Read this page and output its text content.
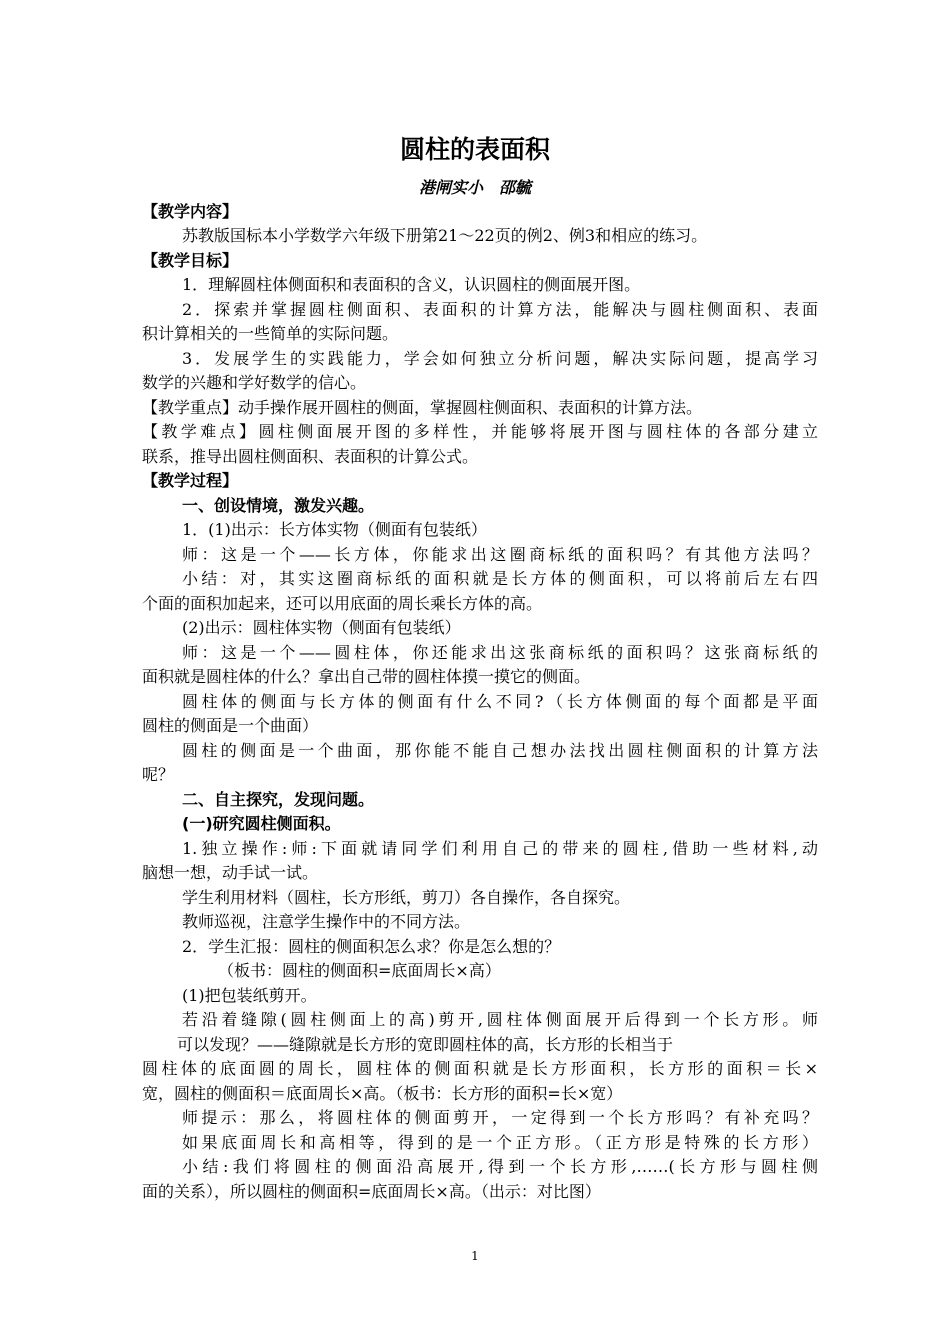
圆柱的表面积
港闸实小 邵毓
【教学内容】
苏教版国标本小学数学六年级下册第21～22页的例2、例3和相应的练习。
【教学目标】
1．理解圆柱体侧面积和表面积的含义，认识圆柱的侧面展开图。
2．探索并掌握圆柱侧面积、表面积的计算方法，能解决与圆柱侧面积、表面
积计算相关的一些简单的实际问题。
3．发展学生的实践能力，学会如何独立分析问题，解决实际问题，提高学习
数学的兴趣和学好数学的信心。
【教学重点】动手操作展开圆柱的侧面，掌握圆柱侧面积、表面积的计算方法。
【教学难点】圆柱侧面展开图的多样性，并能够将展开图与圆柱体的各部分建立
联系，推导出圆柱侧面积、表面积的计算公式。
【教学过程】
一、创设情境，激发兴趣。
1．(1)出示：长方体实物（侧面有包装纸）
师：这是一个——长方体，你能求出这圈商标纸的面积吗？有其他方法吗？
小结：对，其实这圈商标纸的面积就是长方体的侧面积，可以将前后左右四
个面的面积加起来，还可以用底面的周长乘长方体的高。
(2)出示：圆柱体实物（侧面有包装纸）
师：这是一个——圆柱体，你还能求出这张商标纸的面积吗？这张商标纸的
面积就是圆柱体的什么？拿出自己带的圆柱体摸一摸它的侧面。
圆柱体的侧面与长方体的侧面有什么不同?（长方体侧面的每个面都是平面
圆柱的侧面是一个曲面）
圆柱的侧面是一个曲面，那你能不能自己想办法找出圆柱侧面积的计算方法
呢？
二、自主探究，发现问题。
(一)研究圆柱侧面积。
1.独立操作:师:下面就请同学们利用自己的带来的圆柱,借助一些材料,动
脑想一想，动手试一试。
学生利用材料（圆柱，长方形纸，剪刀）各自操作，各自探究。
教师巡视，注意学生操作中的不同方法。
2．学生汇报：圆柱的侧面积怎么求？你是怎么想的？
（板书：圆柱的侧面积=底面周长×高）
(1)把包装纸剪开。
若沿着缝隙(圆柱侧面上的高)剪开,圆柱体侧面展开后得到一个长方形。师
可以发现？——缝隙就是长方形的宽即圆柱体的高，长方形的长相当于
圆柱体的底面圆的周长，圆柱体的侧面积就是长方形面积，长方形的面积＝长×
宽，圆柱的侧面积＝底面周长×高。（板书：长方形的面积=长×宽）
师提示：那么，将圆柱体的侧面剪开，一定得到一个长方形吗？有补充吗？
如果底面周长和高相等，得到的是一个正方形。（正方形是特殊的长方形）
小结:我们将圆柱的侧面沿高展开,得到一个长方形,……(长方形与圆柱侧
面的关系），所以圆柱的侧面积=底面周长×高。（出示：对比图）
1
